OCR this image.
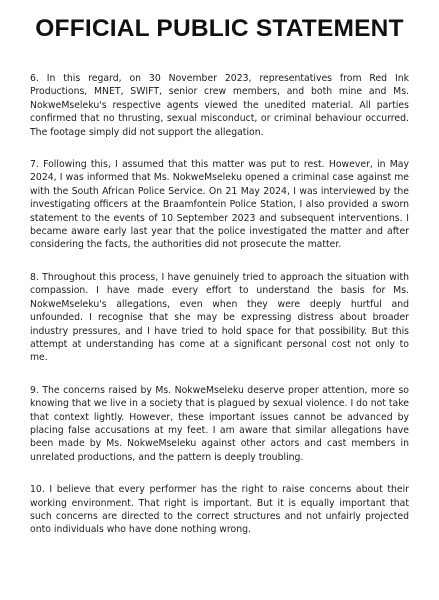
OFFICIAL PUBLIC STATEMENT

6. In this regard, on 30 November 2023, representatives from Red Ink Productions, MNET, SWIFT, senior crew members, and both mine and Ms. NokweMseleku's respective agents viewed the unedited material. All parties confirmed that no thrusting, sexual misconduct, or criminal behaviour occurred. The footage simply did not support the allegation.

7. Following this, I assumed that this matter was put to rest. However, in May 2024, I was informed that Ms. NokweMseleku opened a criminal case against me with the South African Police Service. On 21 May 2024, I was interviewed by the investigating officers at the Braamfontein Police Station, I also provided a sworn statement to the events of 10 September 2023 and subsequent interventions. I became aware early last year that the police investigated the matter and after considering the facts, the authorities did not prosecute the matter.

8. Throughout this process, I have genuinely tried to approach the situation with compassion. I have made every effort to understand the basis for Ms. NokweMseleku's allegations, even when they were deeply hurtful and unfounded. I recognise that she may be expressing distress about broader industry pressures, and I have tried to hold space for that possibility. But this attempt at understanding has come at a significant personal cost not only to me.

9. The concerns raised by Ms. NokweMseleku deserve proper attention, more so knowing that we live in a society that is plagued by sexual violence. I do not take that context lightly. However, these important issues cannot be advanced by placing false accusations at my feet. I am aware that similar allegations have been made by Ms. NokweMseleku against other actors and cast members in unrelated productions, and the pattern is deeply troubling.

10. I believe that every performer has the right to raise concerns about their working environment. That right is important. But it is equally important that such concerns are directed to the correct structures and not unfairly projected onto individuals who have done nothing wrong.
